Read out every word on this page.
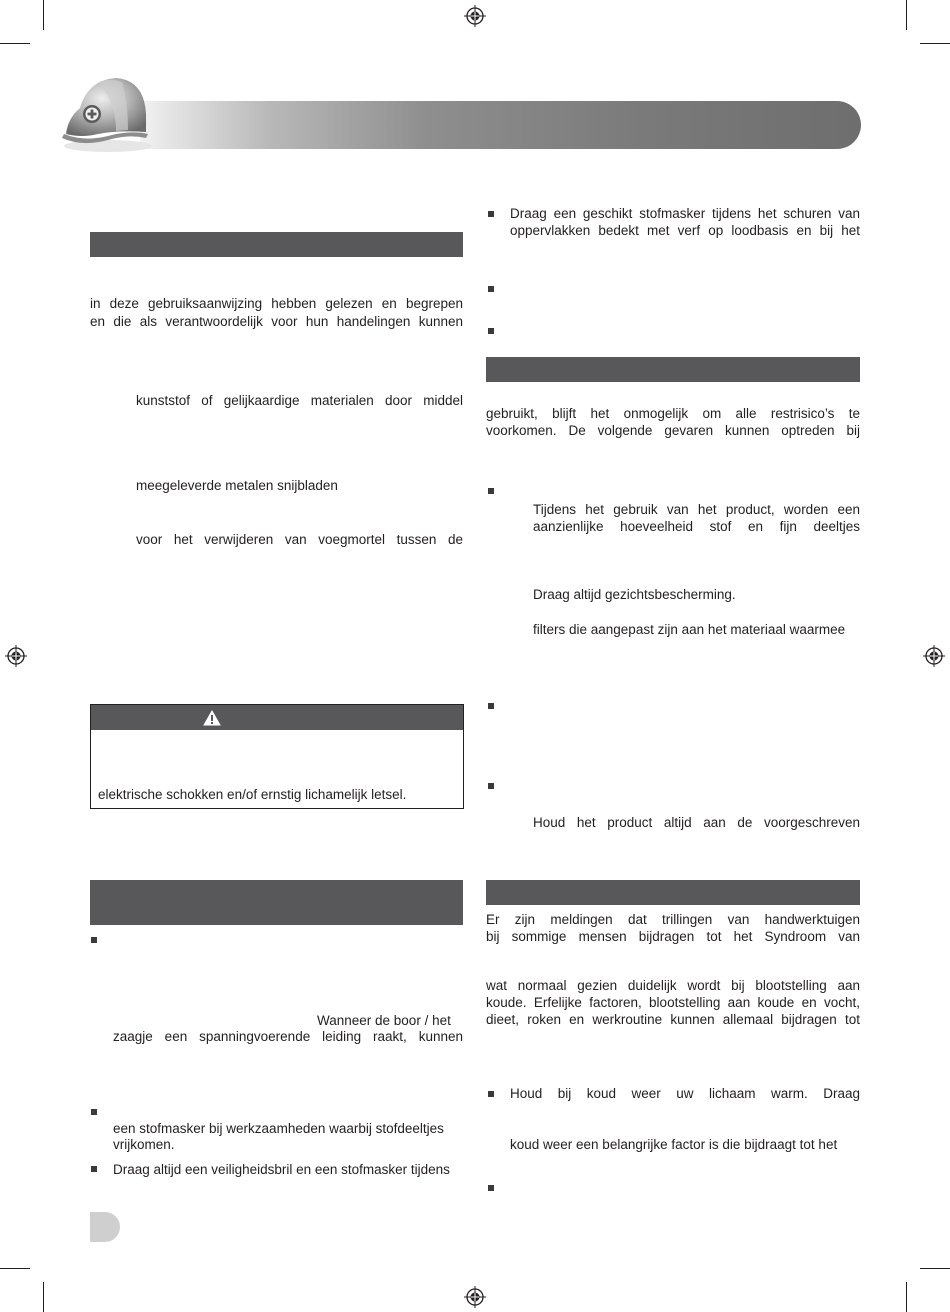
in deze gebruiksaanwijzing hebben gelezen en begrepen
en die als verantwoordelijk voor hun handelingen kunnen
kunststof of gelijkaardige materialen door middel
meegeleverde metalen snijbladen
voor het verwijderen van voegmortel tussen de
elektrische schokken en/of ernstig lichamelijk letsel.
Wanneer de boor / het
zaagje een spanningvoerende leiding raakt, kunnen
een stofmasker bij werkzaamheden waarbij stofdeeltjes
vrijkomen.
Draag altijd een veiligheidsbril en een stofmasker tijdens
Draag een geschikt stofmasker tijdens het schuren van
oppervlakken bedekt met verf op loodbasis en bij het
gebruikt, blijft het onmogelijk om alle restrisico’s te
voorkomen. De volgende gevaren kunnen optreden bij
Tijdens het gebruik van het product, worden een
aanzienlijke hoeveelheid stof en fijn deeltjes
Draag altijd gezichtsbescherming.
filters die aangepast zijn aan het materiaal waarmee
Houd het product altijd aan de voorgeschreven
Er zijn meldingen dat trillingen van handwerktuigen
bij sommige mensen bijdragen tot het Syndroom van
wat normaal gezien duidelijk wordt bij blootstelling aan
koude. Erfelijke factoren, blootstelling aan koude en vocht,
dieet, roken en werkroutine kunnen allemaal bijdragen tot
Houd bij koud weer uw lichaam warm. Draag
koud weer een belangrijke factor is die bijdraagt tot het
